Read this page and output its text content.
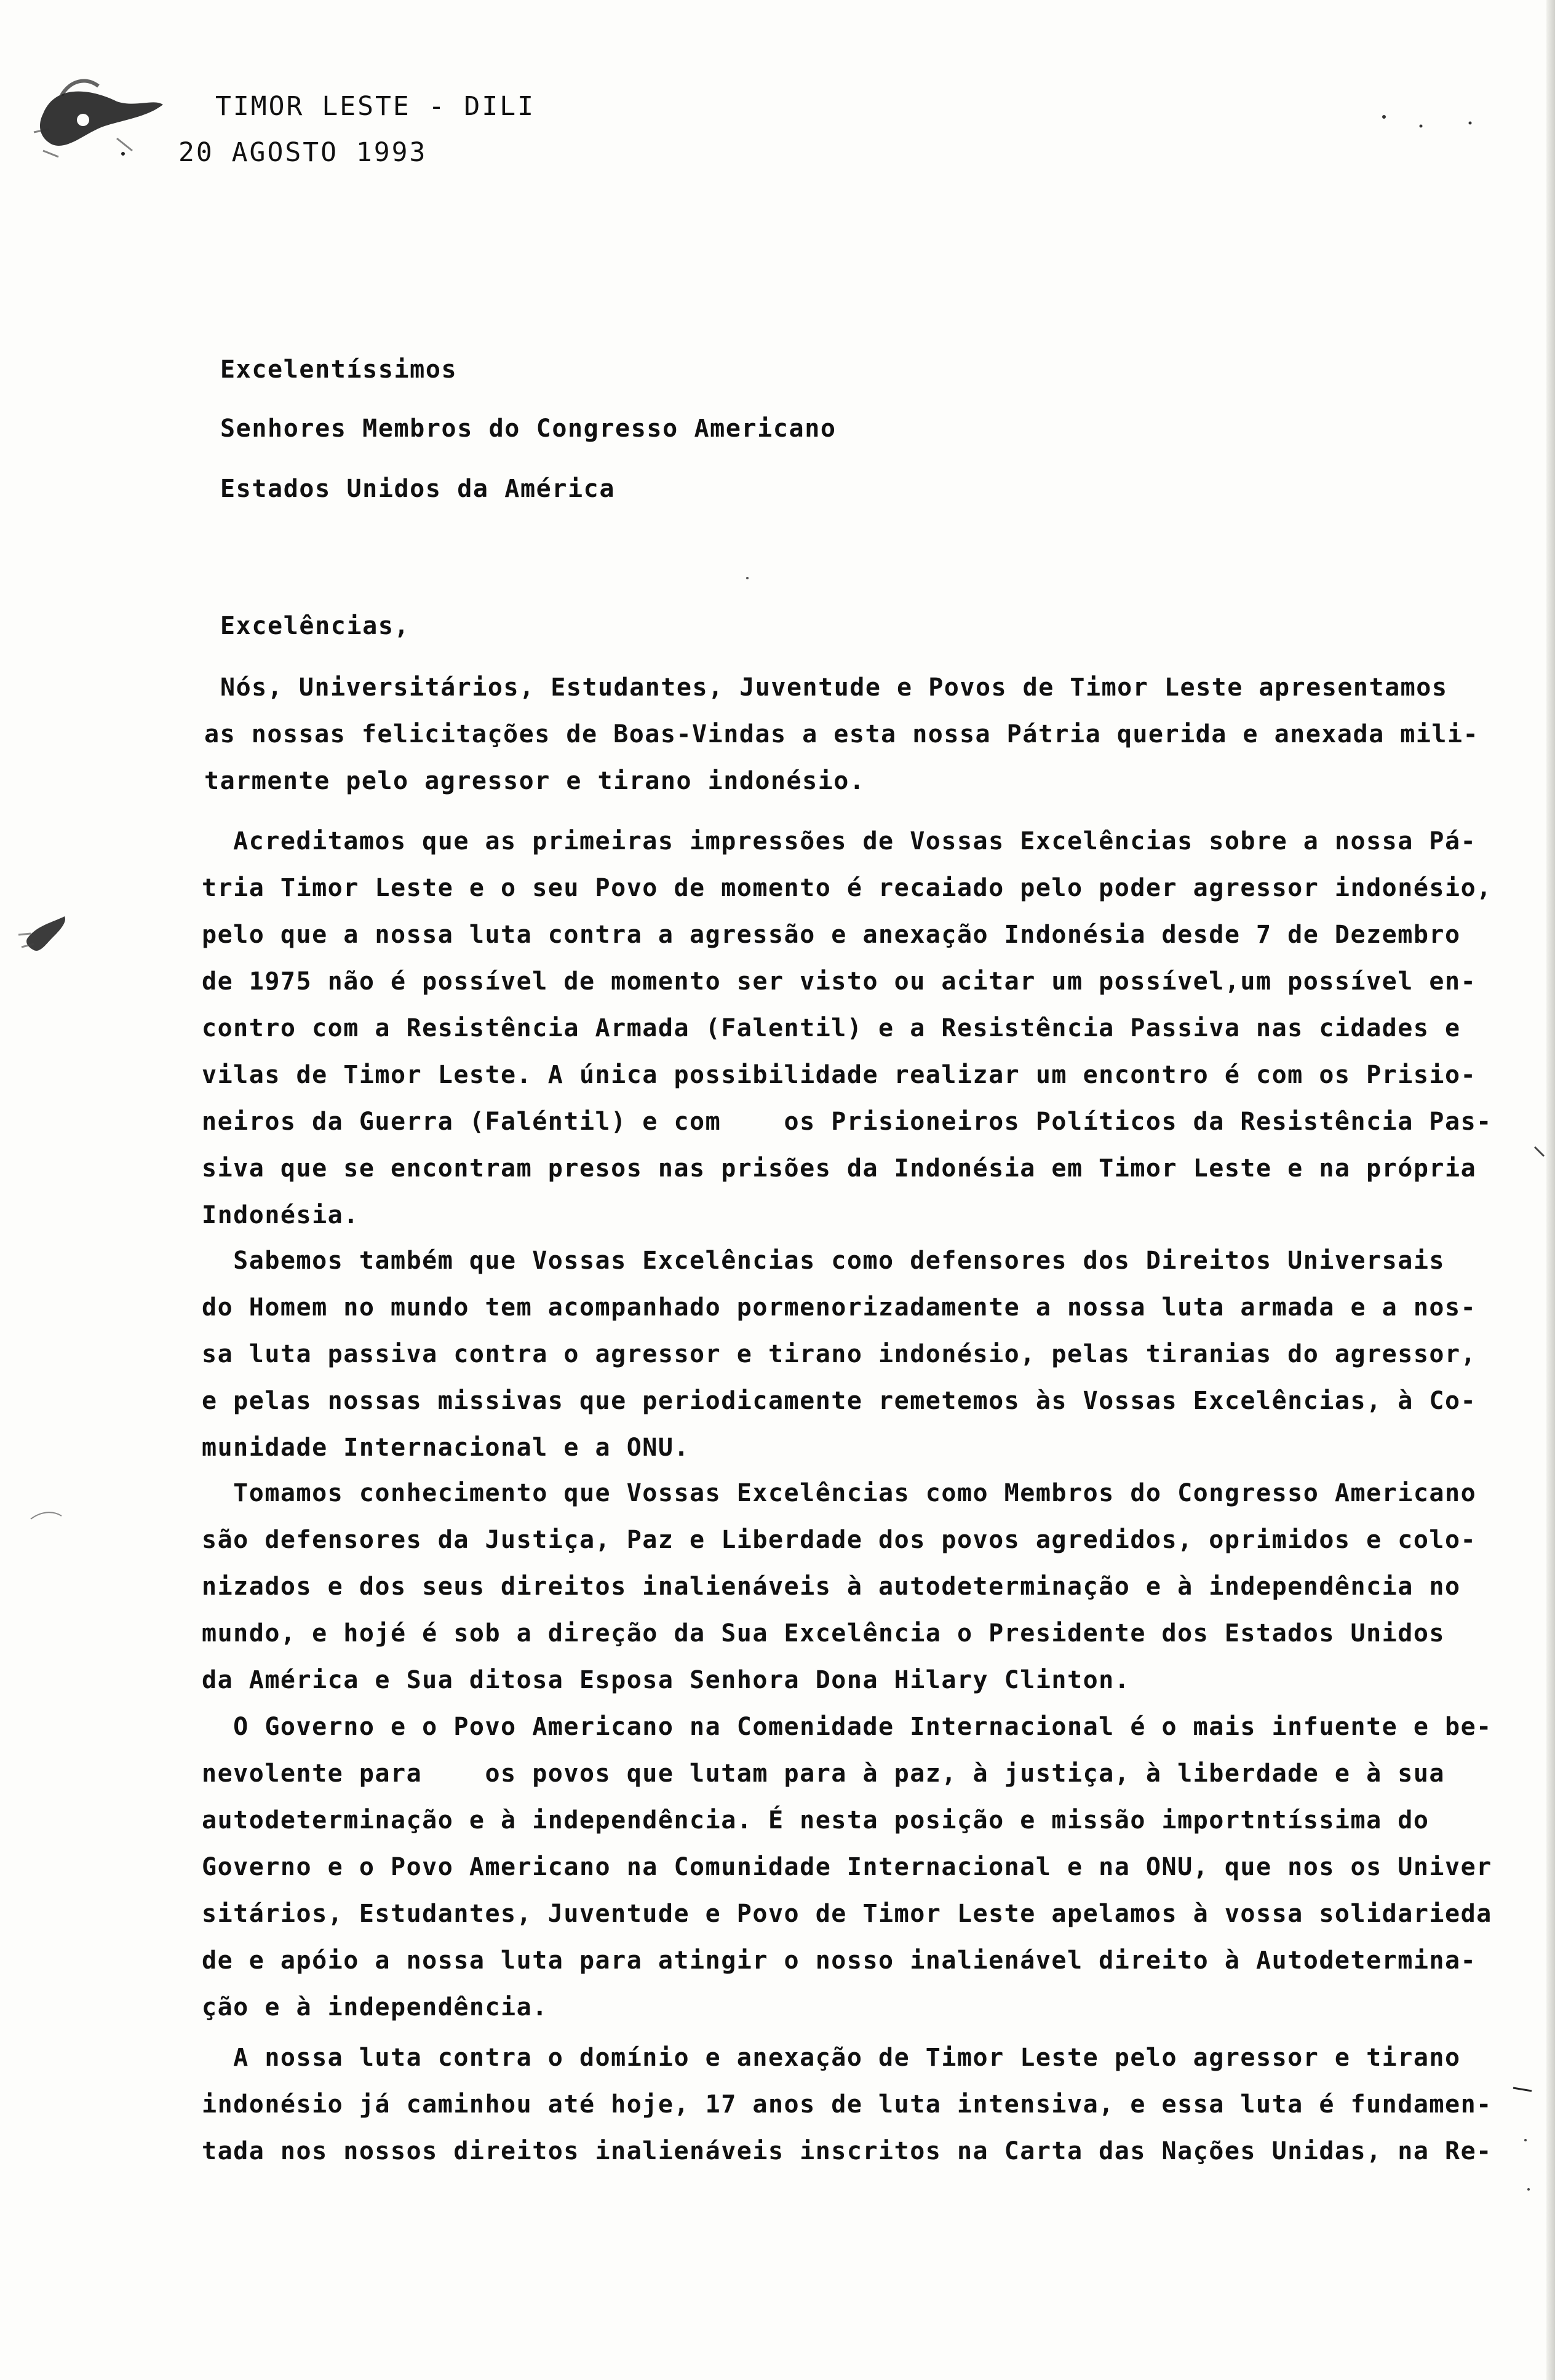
TIMOR LESTE - DILI
20 AGOSTO 1993
Excelentíssimos
Senhores Membros do Congresso Americano
Estados Unidos da América
Excelências,
Nós, Universitários, Estudantes, Juventude e Povos de Timor Leste apresentamos
as nossas felicitações de Boas-Vindas a esta nossa Pátria querida e anexada mili-
tarmente pelo agressor e tirano indonésio.
Acreditamos que as primeiras impressões de Vossas Excelências sobre a nossa Pá-
tria Timor Leste e o seu Povo de momento é recaiado pelo poder agressor indonésio,
pelo que a nossa luta contra a agressão e anexação Indonésia desde 7 de Dezembro
de 1975 não é possível de momento ser visto ou acitar um possível,um possível en-
contro com a Resistência Armada (Falentil) e a Resistência Passiva nas cidades e
vilas de Timor Leste. A única possibilidade realizar um encontro é com os Prisio-
neiros da Guerra (Faléntil) e com    os Prisioneiros Políticos da Resistência Pas-
siva que se encontram presos nas prisões da Indonésia em Timor Leste e na própria
Indonésia.
Sabemos também que Vossas Excelências como defensores dos Direitos Universais
do Homem no mundo tem acompanhado pormenorizadamente a nossa luta armada e a nos-
sa luta passiva contra o agressor e tirano indonésio, pelas tiranias do agressor,
e pelas nossas missivas que periodicamente remetemos às Vossas Excelências, à Co-
munidade Internacional e a ONU.
Tomamos conhecimento que Vossas Excelências como Membros do Congresso Americano
são defensores da Justiça, Paz e Liberdade dos povos agredidos, oprimidos e colo-
nizados e dos seus direitos inalienáveis à autodeterminação e à independência no
mundo, e hojé é sob a direção da Sua Excelência o Presidente dos Estados Unidos
da América e Sua ditosa Esposa Senhora Dona Hilary Clinton.
O Governo e o Povo Americano na Comenidade Internacional é o mais infuente e be-
nevolente para    os povos que lutam para à paz, à justiça, à liberdade e à sua
autodeterminação e à independência. É nesta posição e missão importntíssima do
Governo e o Povo Americano na Comunidade Internacional e na ONU, que nos os Univer
sitários, Estudantes, Juventude e Povo de Timor Leste apelamos à vossa solidarieda
de e apóio a nossa luta para atingir o nosso inalienável direito à Autodetermina-
ção e à independência.
A nossa luta contra o domínio e anexação de Timor Leste pelo agressor e tirano
indonésio já caminhou até hoje, 17 anos de luta intensiva, e essa luta é fundamen-
tada nos nossos direitos inalienáveis inscritos na Carta das Nações Unidas, na Re-
